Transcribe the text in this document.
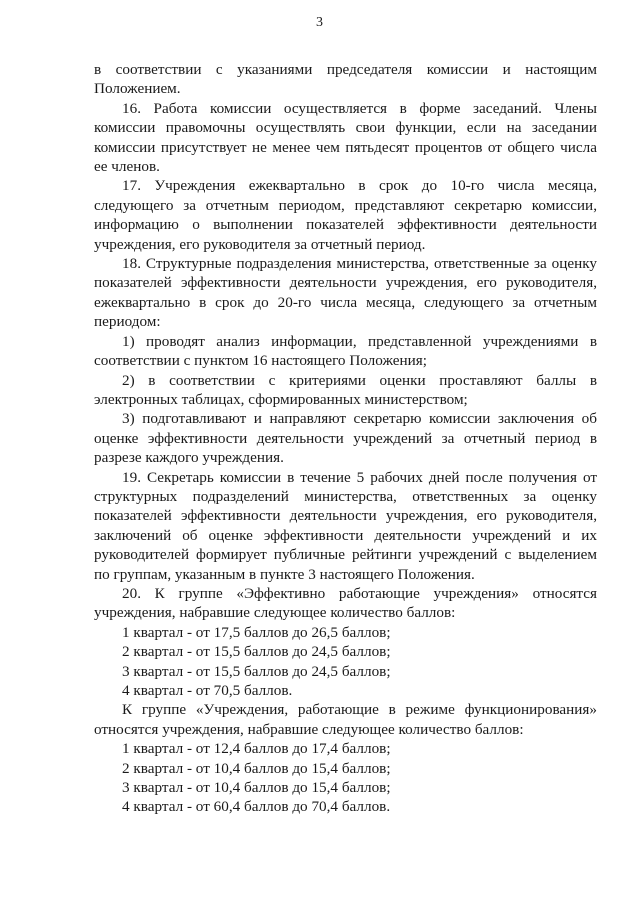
3

в соответствии с указаниями председателя комиссии и настоящим Положением.

16. Работа комиссии осуществляется в форме заседаний. Члены комиссии правомочны осуществлять свои функции, если на заседании комиссии присутствует не менее чем пятьдесят процентов от общего числа ее членов.

17. Учреждения ежеквартально в срок до 10-го числа месяца, следующего за отчетным периодом, представляют секретарю комиссии, информацию о выполнении показателей эффективности деятельности учреждения, его руководителя за отчетный период.

18. Структурные подразделения министерства, ответственные за оценку показателей эффективности деятельности учреждения, его руководителя, ежеквартально в срок до 20-го числа месяца, следующего за отчетным периодом:

1) проводят анализ информации, представленной учреждениями в соответствии с пунктом 16 настоящего Положения;

2) в соответствии с критериями оценки проставляют баллы в электронных таблицах, сформированных министерством;

3) подготавливают и направляют секретарю комиссии заключения об оценке эффективности деятельности учреждений за отчетный период в разрезе каждого учреждения.

19. Секретарь комиссии в течение 5 рабочих дней после получения от структурных подразделений министерства, ответственных за оценку показателей эффективности деятельности учреждения, его руководителя, заключений об оценке эффективности деятельности учреждений и их руководителей формирует публичные рейтинги учреждений с выделением по группам, указанным в пункте 3 настоящего Положения.

20. К группе «Эффективно работающие учреждения» относятся учреждения, набравшие следующее количество баллов:

1 квартал - от 17,5 баллов до 26,5 баллов;

2 квартал - от 15,5 баллов до 24,5 баллов;

3 квартал - от 15,5 баллов до 24,5 баллов;

4 квартал - от 70,5 баллов.

К группе «Учреждения, работающие в режиме функционирования» относятся учреждения, набравшие следующее количество баллов:

1 квартал - от 12,4 баллов до 17,4 баллов;

2 квартал - от 10,4 баллов до 15,4 баллов;

3 квартал - от 10,4 баллов до 15,4 баллов;

4 квартал - от 60,4 баллов до 70,4 баллов.
